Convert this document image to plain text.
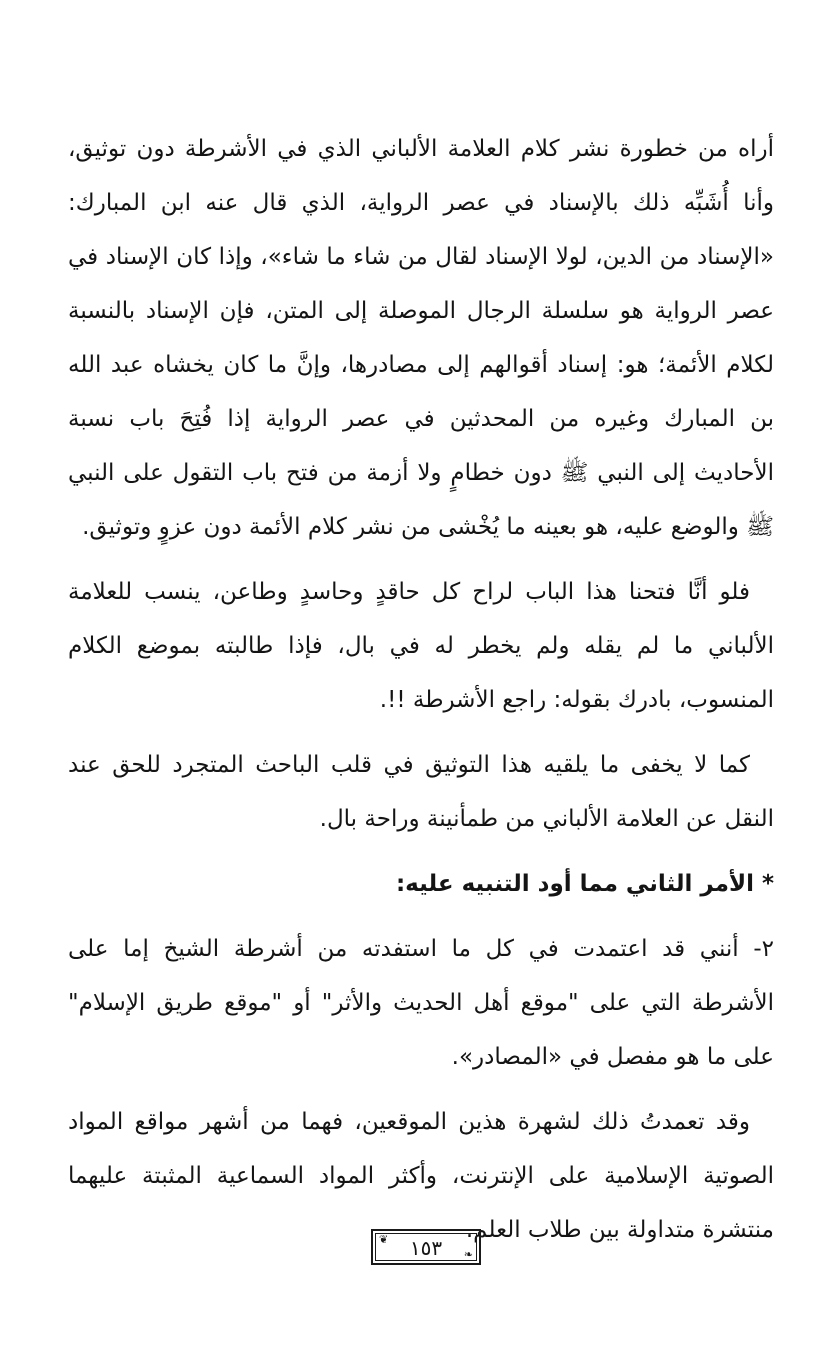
أراه من خطورة نشر كلام العلامة الألباني الذي في الأشرطة دون توثيق، وأنا أُشَبِّه ذلك بالإسناد في عصر الرواية، الذي قال عنه ابن المبارك: «الإسناد من الدين، لولا الإسناد لقال من شاء ما شاء»، وإذا كان الإسناد في عصر الرواية هو سلسلة الرجال الموصلة إلى المتن، فإن الإسناد بالنسبة لكلام الأئمة؛ هو: إسناد أقوالهم إلى مصادرها، وإنَّ ما كان يخشاه عبد الله بن المبارك وغيره من المحدثين في عصر الرواية إذا فُتِحَ باب نسبة الأحاديث إلى النبي ﷺ دون خطامٍ ولا أزمة من فتح باب التقول على النبي ﷺ والوضع عليه، هو بعينه ما يُخْشى من نشر كلام الأئمة دون عزوٍ وتوثيق.

فلو أنَّا فتحنا هذا الباب لراح كل حاقدٍ وحاسدٍ وطاعن، ينسب للعلامة الألباني ما لم يقله ولم يخطر له في بال، فإذا طالبته بموضع الكلام المنسوب، بادرك بقوله: راجع الأشرطة !!.

كما لا يخفى ما يلقيه هذا التوثيق في قلب الباحث المتجرد للحق عند النقل عن العلامة الألباني من طمأنينة وراحة بال.

* الأمر الثاني مما أود التنبيه عليه:

٢- أنني قد اعتمدت في كل ما استفدته من أشرطة الشيخ إما على الأشرطة التي على "موقع أهل الحديث والأثر" أو "موقع طريق الإسلام" على ما هو مفصل في «المصادر».

وقد تعمدتُ ذلك لشهرة هذين الموقعين، فهما من أشهر مواقع المواد الصوتية الإسلامية على الإنترنت، وأكثر المواد السماعية المثبتة عليهما منتشرة متداولة بين طلاب العلم.

❦	١٥٣	❧
